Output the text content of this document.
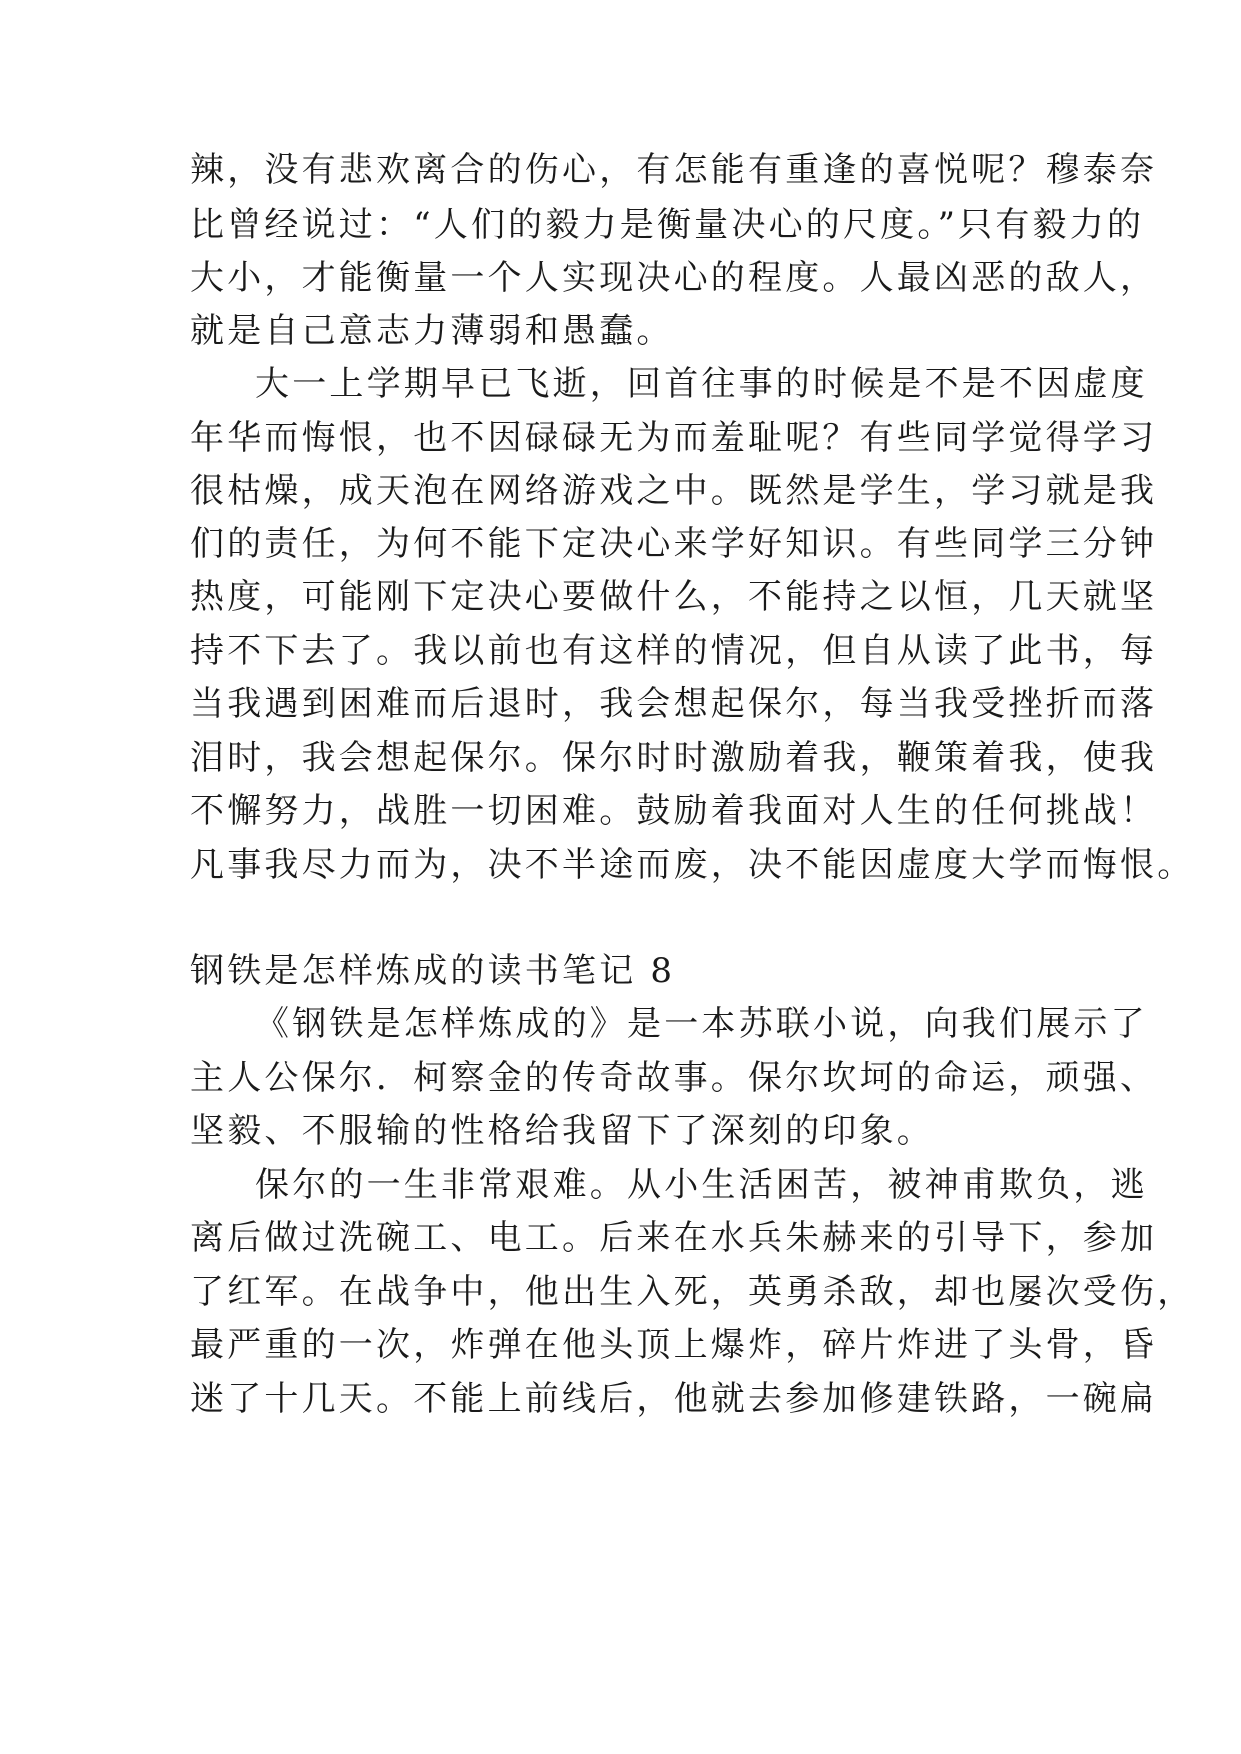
辣，没有悲欢离合的伤心，有怎能有重逢的喜悦呢？穆泰奈
比曾经说过：“人们的毅力是衡量决心的尺度。”只有毅力的
大小，才能衡量一个人实现决心的程度。人最凶恶的敌人，
就是自己意志力薄弱和愚蠢。
大一上学期早已飞逝，回首往事的时候是不是不因虚度
年华而悔恨，也不因碌碌无为而羞耻呢？有些同学觉得学习
很枯燥，成天泡在网络游戏之中。既然是学生，学习就是我
们的责任，为何不能下定决心来学好知识。有些同学三分钟
热度，可能刚下定决心要做什么，不能持之以恒，几天就坚
持不下去了。我以前也有这样的情况，但自从读了此书，每
当我遇到困难而后退时，我会想起保尔，每当我受挫折而落
泪时，我会想起保尔。保尔时时激励着我，鞭策着我，使我
不懈努力，战胜一切困难。鼓励着我面对人生的任何挑战！
凡事我尽力而为，决不半途而废，决不能因虚度大学而悔恨。
钢铁是怎样炼成的读书笔记 8
《钢铁是怎样炼成的》是一本苏联小说，向我们展示了
主人公保尔．柯察金的传奇故事。保尔坎坷的命运，顽强、
坚毅、不服输的性格给我留下了深刻的印象。
保尔的一生非常艰难。从小生活困苦，被神甫欺负，逃
离后做过洗碗工、电工。后来在水兵朱赫来的引导下，参加
了红军。在战争中，他出生入死，英勇杀敌，却也屡次受伤，
最严重的一次，炸弹在他头顶上爆炸，碎片炸进了头骨，昏
迷了十几天。不能上前线后，他就去参加修建铁路，一碗扁
